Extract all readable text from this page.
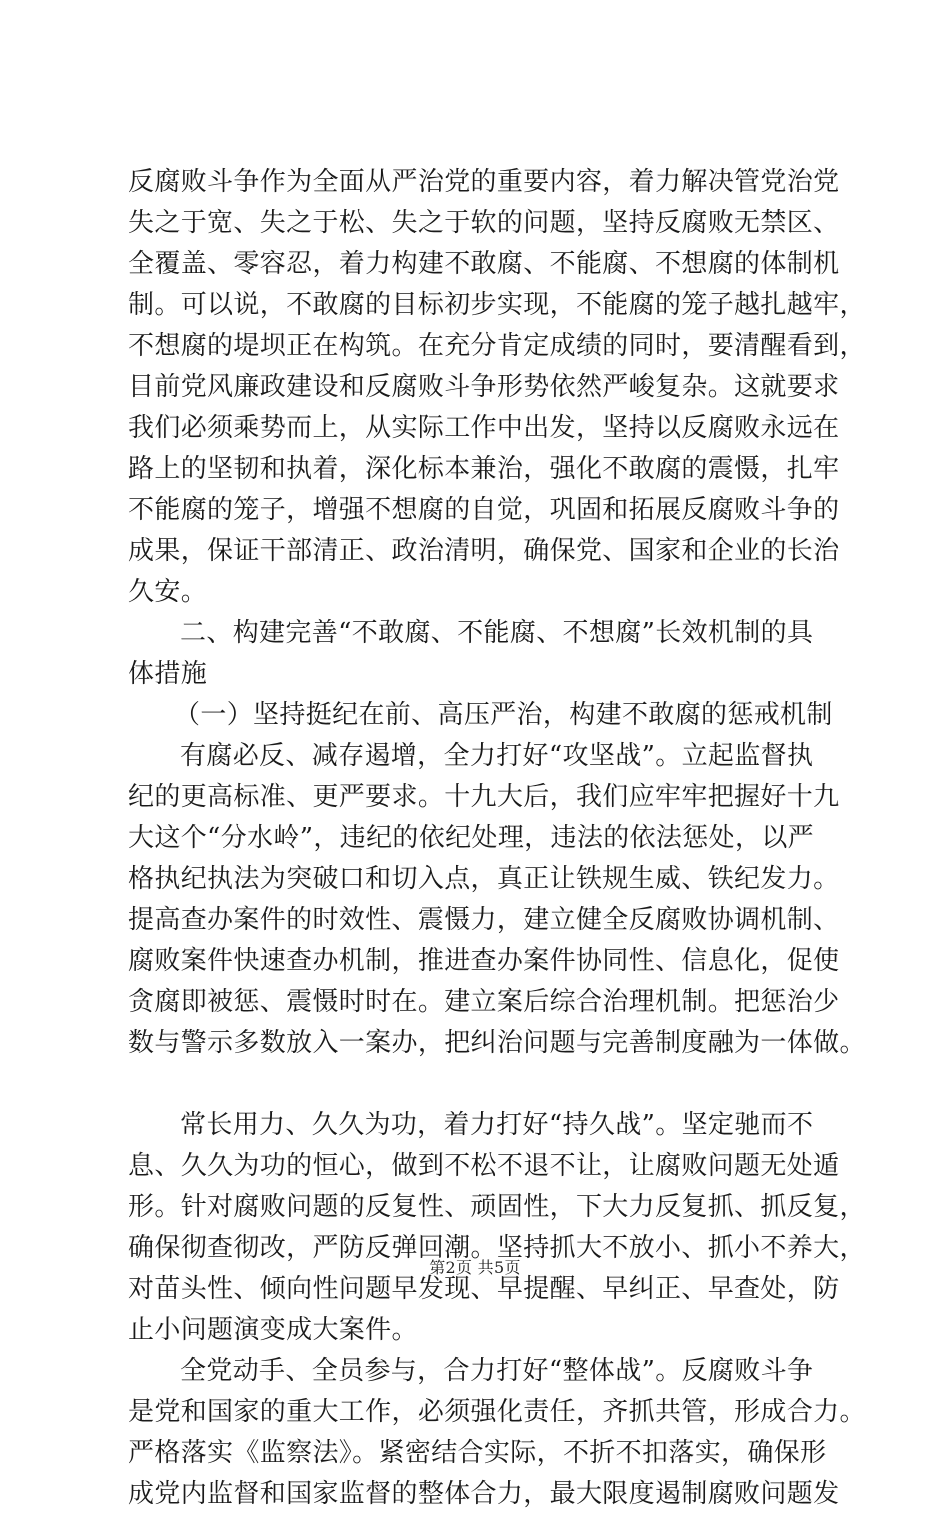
反腐败斗争作为全面从严治党的重要内容，着力解决管党治党
失之于宽、失之于松、失之于软的问题，坚持反腐败无禁区、
全覆盖、零容忍，着力构建不敢腐、不能腐、不想腐的体制机
制。可以说，不敢腐的目标初步实现，不能腐的笼子越扎越牢，
不想腐的堤坝正在构筑。在充分肯定成绩的同时，要清醒看到，
目前党风廉政建设和反腐败斗争形势依然严峻复杂。这就要求
我们必须乘势而上，从实际工作中出发，坚持以反腐败永远在
路上的坚韧和执着，深化标本兼治，强化不敢腐的震慑，扎牢
不能腐的笼子，增强不想腐的自觉，巩固和拓展反腐败斗争的
成果，保证干部清正、政治清明，确保党、国家和企业的长治
久安。
二、构建完善“不敢腐、不能腐、不想腐”长效机制的具
体措施
（一）坚持挺纪在前、高压严治，构建不敢腐的惩戒机制
有腐必反、减存遏增，全力打好“攻坚战”。立起监督执
纪的更高标准、更严要求。十九大后，我们应牢牢把握好十九
大这个“分水岭”，违纪的依纪处理，违法的依法惩处，以严
格执纪执法为突破口和切入点，真正让铁规生威、铁纪发力。
提高查办案件的时效性、震慑力，建立健全反腐败协调机制、
腐败案件快速查办机制，推进查办案件协同性、信息化，促使
贪腐即被惩、震慑时时在。建立案后综合治理机制。把惩治少
数与警示多数放入一案办，把纠治问题与完善制度融为一体做。
常长用力、久久为功，着力打好“持久战”。坚定驰而不
息、久久为功的恒心，做到不松不退不让，让腐败问题无处遁
形。针对腐败问题的反复性、顽固性，下大力反复抓、抓反复，
确保彻查彻改，严防反弹回潮。坚持抓大不放小、抓小不养大，
对苗头性、倾向性问题早发现、早提醒、早纠正、早查处，防
止小问题演变成大案件。
全党动手、全员参与，合力打好“整体战”。反腐败斗争
是党和国家的重大工作，必须强化责任，齐抓共管，形成合力。
严格落实《监察法》。紧密结合实际，不折不扣落实，确保形
成党内监督和国家监督的整体合力，最大限度遏制腐败问题发
第2页 共5页
